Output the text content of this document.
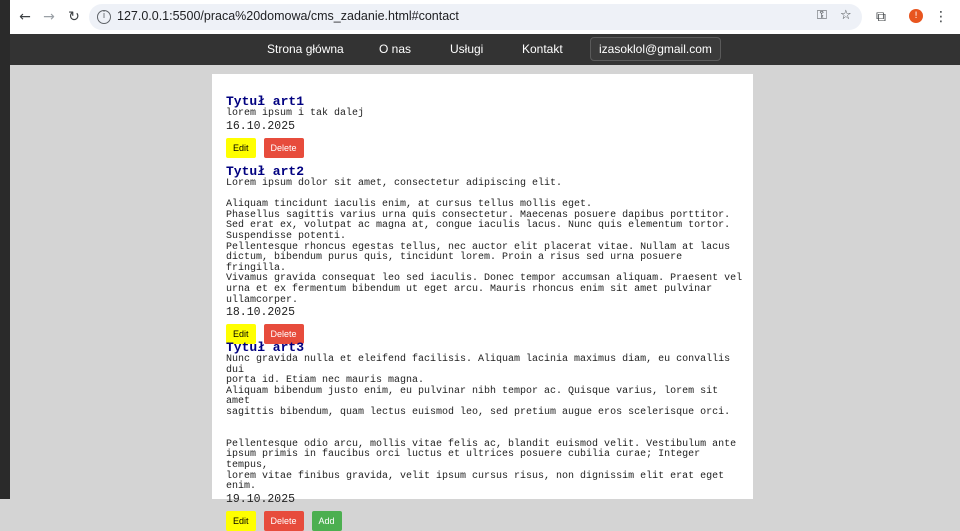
← → ↻	i 127.0.0.1:5500/praca%20domowa/cms_zadanie.html#contact	⚿ ☆	⧉	!	⋮
Strona główna	O nas	Usługi	Kontakt	izasoklol@gmail.com
Tytuł art1
lorem ipsum i tak dalej
16.10.2025
Edit	Delete
Tytuł art2
Lorem ipsum dolor sit amet, consectetur adipiscing elit.

Aliquam tincidunt iaculis enim, at cursus tellus mollis eget.
Phasellus sagittis varius urna quis consectetur. Maecenas posuere dapibus porttitor.
Sed erat ex, volutpat ac magna at, congue iaculis lacus. Nunc quis elementum tortor.
Suspendisse potenti.
Pellentesque rhoncus egestas tellus, nec auctor elit placerat vitae. Nullam at lacus
dictum, bibendum purus quis, tincidunt lorem. Proin a risus sed urna posuere fringilla.
Vivamus gravida consequat leo sed iaculis. Donec tempor accumsan aliquam. Praesent vel
urna et ex fermentum bibendum ut eget arcu. Mauris rhoncus enim sit amet pulvinar
ullamcorper.
18.10.2025
Edit	Delete
Tytuł art3
Nunc gravida nulla et eleifend facilisis. Aliquam lacinia maximus diam, eu convallis dui
porta id. Etiam nec mauris magna.
Aliquam bibendum justo enim, eu pulvinar nibh tempor ac. Quisque varius, lorem sit amet
sagittis bibendum, quam lectus euismod leo, sed pretium augue eros scelerisque orci.

Pellentesque odio arcu, mollis vitae felis ac, blandit euismod velit. Vestibulum ante
ipsum primis in faucibus orci luctus et ultrices posuere cubilia curae; Integer tempus,
lorem vitae finibus gravida, velit ipsum cursus risus, non dignissim elit erat eget enim.
19.10.2025
Edit	Delete	Add
